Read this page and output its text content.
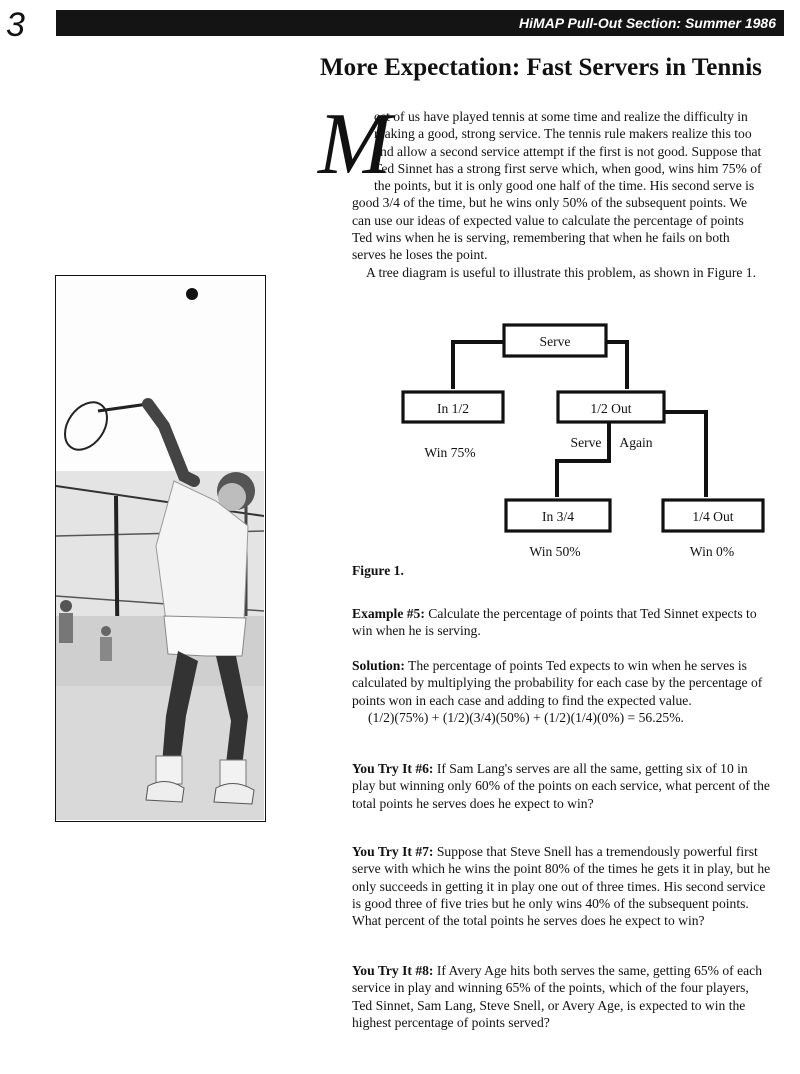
3	HiMAP Pull-Out Section: Summer 1986
More Expectation: Fast Servers in Tennis
M

ost of us have played tennis at some time and realize the difficulty in making a good, strong service. The tennis rule makers realize this too and allow a second service attempt if the first is not good. Suppose that Ted Sinnet has a strong first serve which, when good, wins him 75% of the points, but it is only good one half of the time. His second serve is good 3/4 of the time, but he wins only 50% of the subsequent points. We can use our ideas of expected value to calculate the percentage of points Ted wins when he is serving, remembering that when he fails on both serves he loses the point.

A tree diagram is useful to illustrate this problem, as shown in Figure 1.

Serve
In 1/2	1/2 Out
Win 75%
Serve Again
In 3/4	1/4 Out
Win 50%	Win 0%
Figure 1.

Example #5: Calculate the percentage of points that Ted Sinnet expects to win when he is serving.

Solution: The percentage of points Ted expects to win when he serves is calculated by multiplying the probability for each case by the percentage of points won in each case and adding to find the expected value.

(1/2)(75%) + (1/2)(3/4)(50%) + (1/2)(1/4)(0%) = 56.25%.

You Try It #6: If Sam Lang's serves are all the same, getting six of 10 in play but winning only 60% of the points on each service, what percent of the total points he serves does he expect to win?

You Try It #7: Suppose that Steve Snell has a tremendously powerful first serve with which he wins the point 80% of the times he gets it in play, but he only succeeds in getting it in play one out of three times. His second service is good three of five tries but he only wins 40% of the subsequent points. What percent of the total points he serves does he expect to win?

You Try It #8: If Avery Age hits both serves the same, getting 65% of each service in play and winning 65% of the points, which of the four players, Ted Sinnet, Sam Lang, Steve Snell, or Avery Age, is expected to win the highest percentage of points served?
